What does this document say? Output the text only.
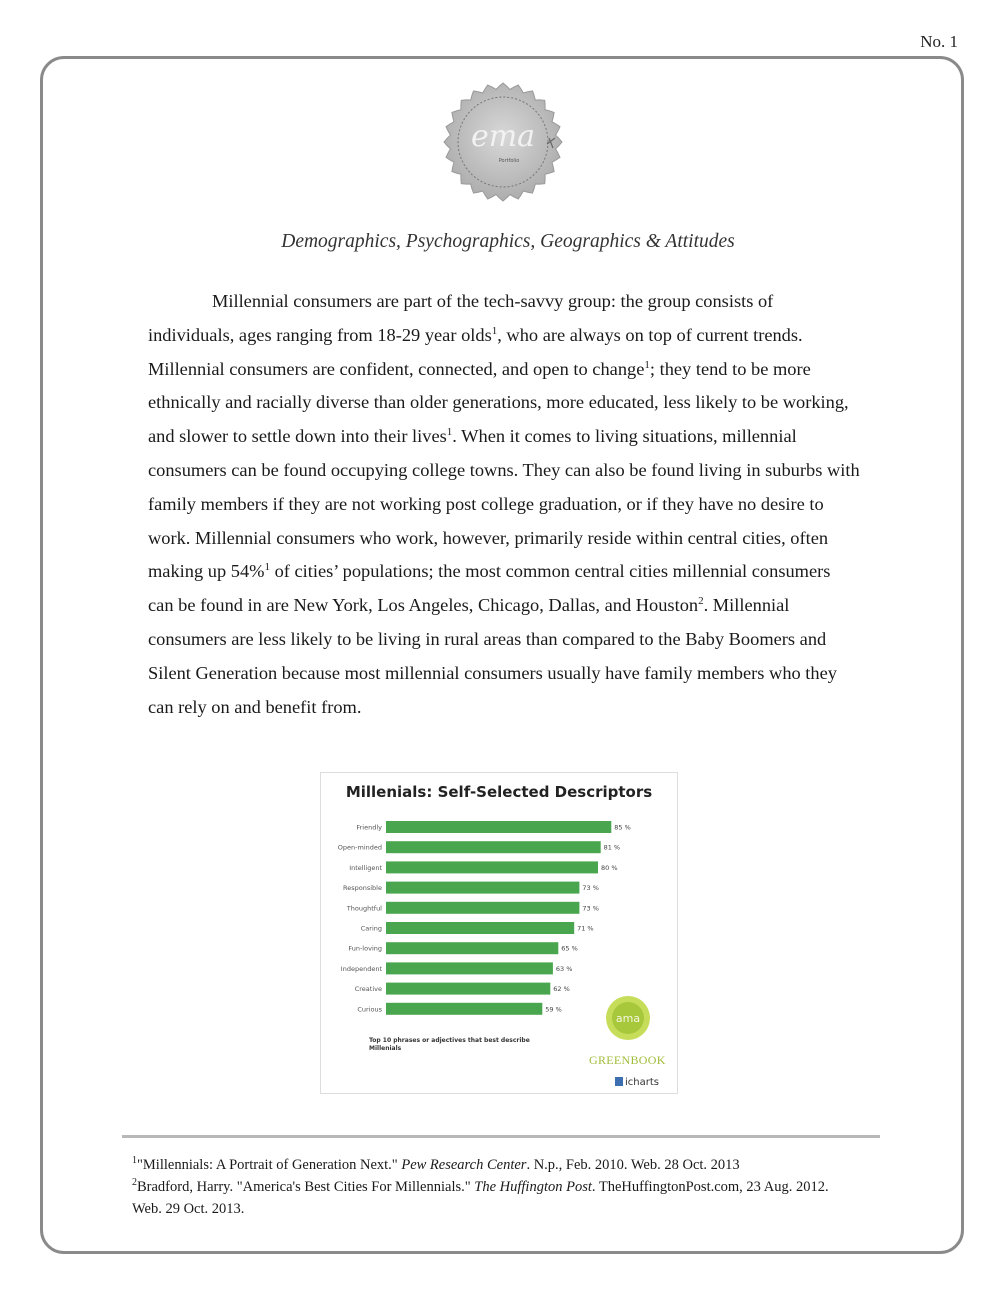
No. 1
ema
Portfolio
Demographics, Psychographics, Geographics & Attitudes

Millennial consumers are part of the tech-savvy group: the group consists of individuals, ages ranging from 18-29 year olds$^1$, who are always on top of current trends. Millennial consumers are confident, connected, and open to change$^1$; they tend to be more ethnically and racially diverse than older generations, more educated, less likely to be working, and slower to settle down into their lives$^1$. When it comes to living situations, millennial consumers can be found occupying college towns. They can also be found living in suburbs with family members if they are not working post college graduation, or if they have no desire to work. Millennial consumers who work, however, primarily reside within central cities, often making up 54%$^1$ of cities’ populations; the most common central cities millennial consumers can be found in are New York, Los Angeles, Chicago, Dallas, and Houston$^2$. Millennial consumers are less likely to be living in rural areas than compared to the Baby Boomers and Silent Generation because most millennial consumers usually have family members who they can rely on and benefit from.

Millenials: Self-Selected Descriptors
Friendly	85 %
Open-minded	81 %
Intelligent	80 %
Responsible	73 %
Thoughtful	73 %
Caring	71 %
Fun-loving	65 %
Independent	63 %
Creative	62 %
Curious	59 %
Top 10 phrases or adjectives that best describe Millenials
ama
GREENBOOK
icharts

$^1$"Millennials: A Portrait of Generation Next." Pew Research Center. N.p., Feb. 2010. Web. 28 Oct. 2013

$^2$Bradford, Harry. "America's Best Cities For Millennials." The Huffington Post. TheHuffingtonPost.com, 23 Aug. 2012. Web. 29 Oct. 2013.
